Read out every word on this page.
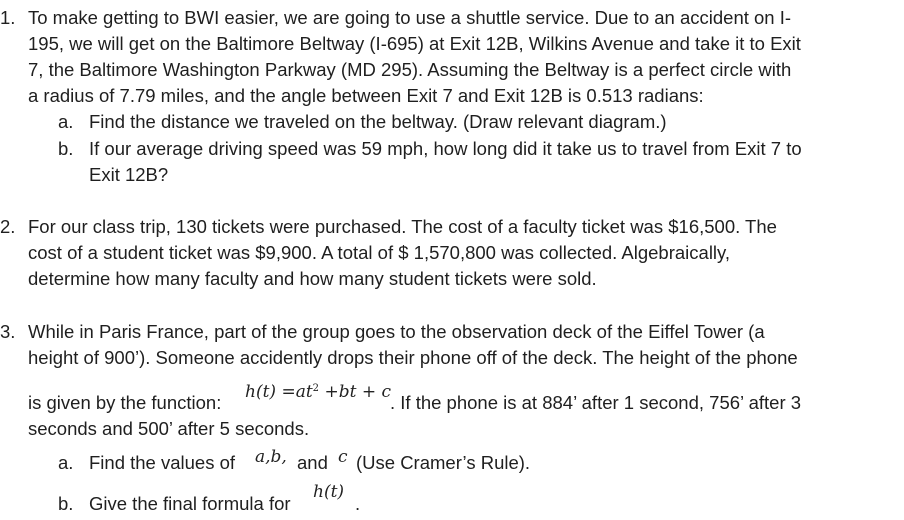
1. To make getting to BWI easier, we are going to use a shuttle service. Due to an accident on I-
195, we will get on the Baltimore Beltway (I-695) at Exit 12B, Wilkins Avenue and take it to Exit
7, the Baltimore Washington Parkway (MD 295). Assuming the Beltway is a perfect circle with
a radius of 7.79 miles, and the angle between Exit 7 and Exit 12B is 0.513 radians:
a. Find the distance we traveled on the beltway. (Draw relevant diagram.)
b. If our average driving speed was 59 mph, how long did it take us to travel from Exit 7 to
Exit 12B?
2. For our class trip, 130 tickets were purchased. The cost of a faculty ticket was $16,500. The
cost of a student ticket was $9,900. A total of $ 1,570,800 was collected. Algebraically,
determine how many faculty and how many student tickets were sold.
3. While in Paris France, part of the group goes to the observation deck of the Eiffel Tower (a
height of 900’). Someone accidently drops their phone off of the deck. The height of the phone
is given by the function: $h(t) =at^2 +bt + c$
. If the phone is at 884’ after 1 second, 756’ after 3
seconds and 500’ after 5 seconds.
a. Find the values of a,b, and c (Use Cramer’s Rule).
b. Give the final formula for
h(t)
.
